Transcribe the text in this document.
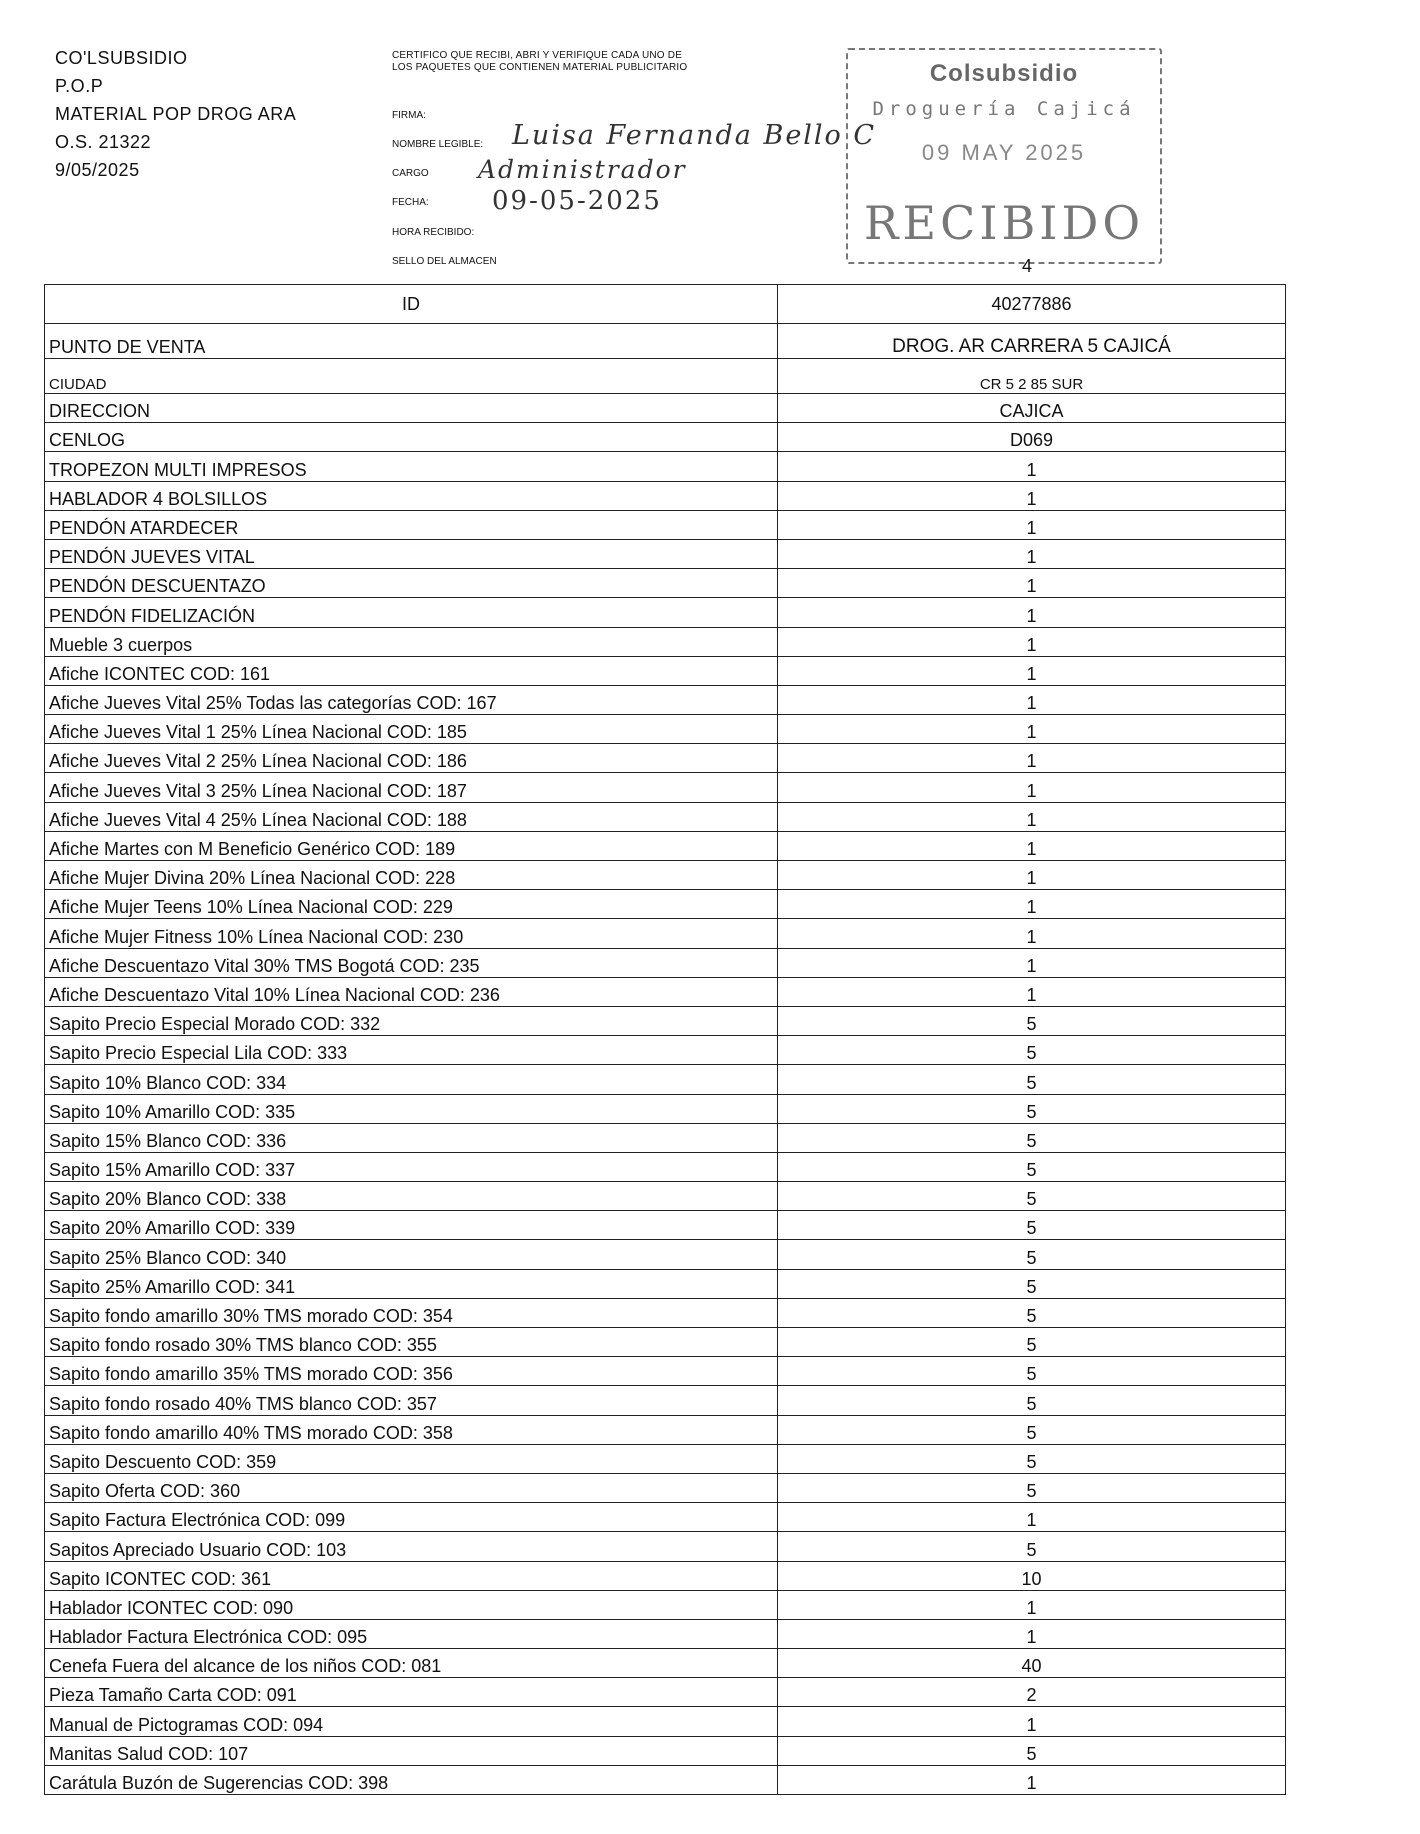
CO'LSUBSIDIO
P.O.P
MATERIAL POP DROG ARA
O.S. 21322
9/05/2025
CERTIFICO QUE RECIBI, ABRI Y VERIFIQUE CADA UNO DE LOS PAQUETES QUE CONTIENEN MATERIAL PUBLICITARIO
FIRMA:
NOMBRE LEGIBLE: Luisa Fernanda Bello C
CARGO Administrador
FECHA: 09-05-2025
HORA RECIBIDO:
SELLO DEL ALMACEN
Colsubsidio
Droguería Cajicá
09 MAY 2025
RECIBIDO
4
ID	40277886
PUNTO DE VENTA	DROG. AR CARRERA 5 CAJICÁ
CIUDAD	CR 5 2 85 SUR
DIRECCION	CAJICA
CENLOG	D069
TROPEZON MULTI IMPRESOS	1
HABLADOR 4 BOLSILLOS	1
PENDÓN ATARDECER	1
PENDÓN JUEVES VITAL	1
PENDÓN DESCUENTAZO	1
PENDÓN FIDELIZACIÓN	1
Mueble 3 cuerpos	1
Afiche ICONTEC COD: 161	1
Afiche Jueves Vital 25% Todas las categorías COD: 167	1
Afiche Jueves Vital 1 25% Línea Nacional COD: 185	1
Afiche Jueves Vital 2 25% Línea Nacional COD: 186	1
Afiche Jueves Vital 3 25% Línea Nacional COD: 187	1
Afiche Jueves Vital 4 25% Línea Nacional COD: 188	1
Afiche Martes con M Beneficio Genérico COD: 189	1
Afiche Mujer Divina 20% Línea Nacional COD: 228	1
Afiche Mujer Teens 10% Línea Nacional COD: 229	1
Afiche Mujer Fitness 10% Línea Nacional COD: 230	1
Afiche Descuentazo Vital 30% TMS Bogotá COD: 235	1
Afiche Descuentazo Vital 10% Línea Nacional COD: 236	1
Sapito Precio Especial Morado COD: 332	5
Sapito Precio Especial Lila COD: 333	5
Sapito 10% Blanco COD: 334	5
Sapito 10% Amarillo COD: 335	5
Sapito 15% Blanco COD: 336	5
Sapito 15% Amarillo COD: 337	5
Sapito 20% Blanco COD: 338	5
Sapito 20% Amarillo COD: 339	5
Sapito 25% Blanco COD: 340	5
Sapito 25% Amarillo COD: 341	5
Sapito fondo amarillo 30% TMS morado COD: 354	5
Sapito fondo rosado 30% TMS blanco COD: 355	5
Sapito fondo amarillo 35% TMS morado COD: 356	5
Sapito fondo rosado 40% TMS blanco COD: 357	5
Sapito fondo amarillo 40% TMS morado COD: 358	5
Sapito Descuento COD: 359	5
Sapito Oferta COD: 360	5
Sapito Factura Electrónica COD: 099	1
Sapitos Apreciado Usuario COD: 103	5
Sapito ICONTEC COD: 361	10
Hablador ICONTEC COD: 090	1
Hablador Factura Electrónica COD: 095	1
Cenefa Fuera del alcance de los niños COD: 081	40
Pieza Tamaño Carta COD: 091	2
Manual de Pictogramas COD: 094	1
Manitas Salud COD: 107	5
Carátula Buzón de Sugerencias COD: 398	1
